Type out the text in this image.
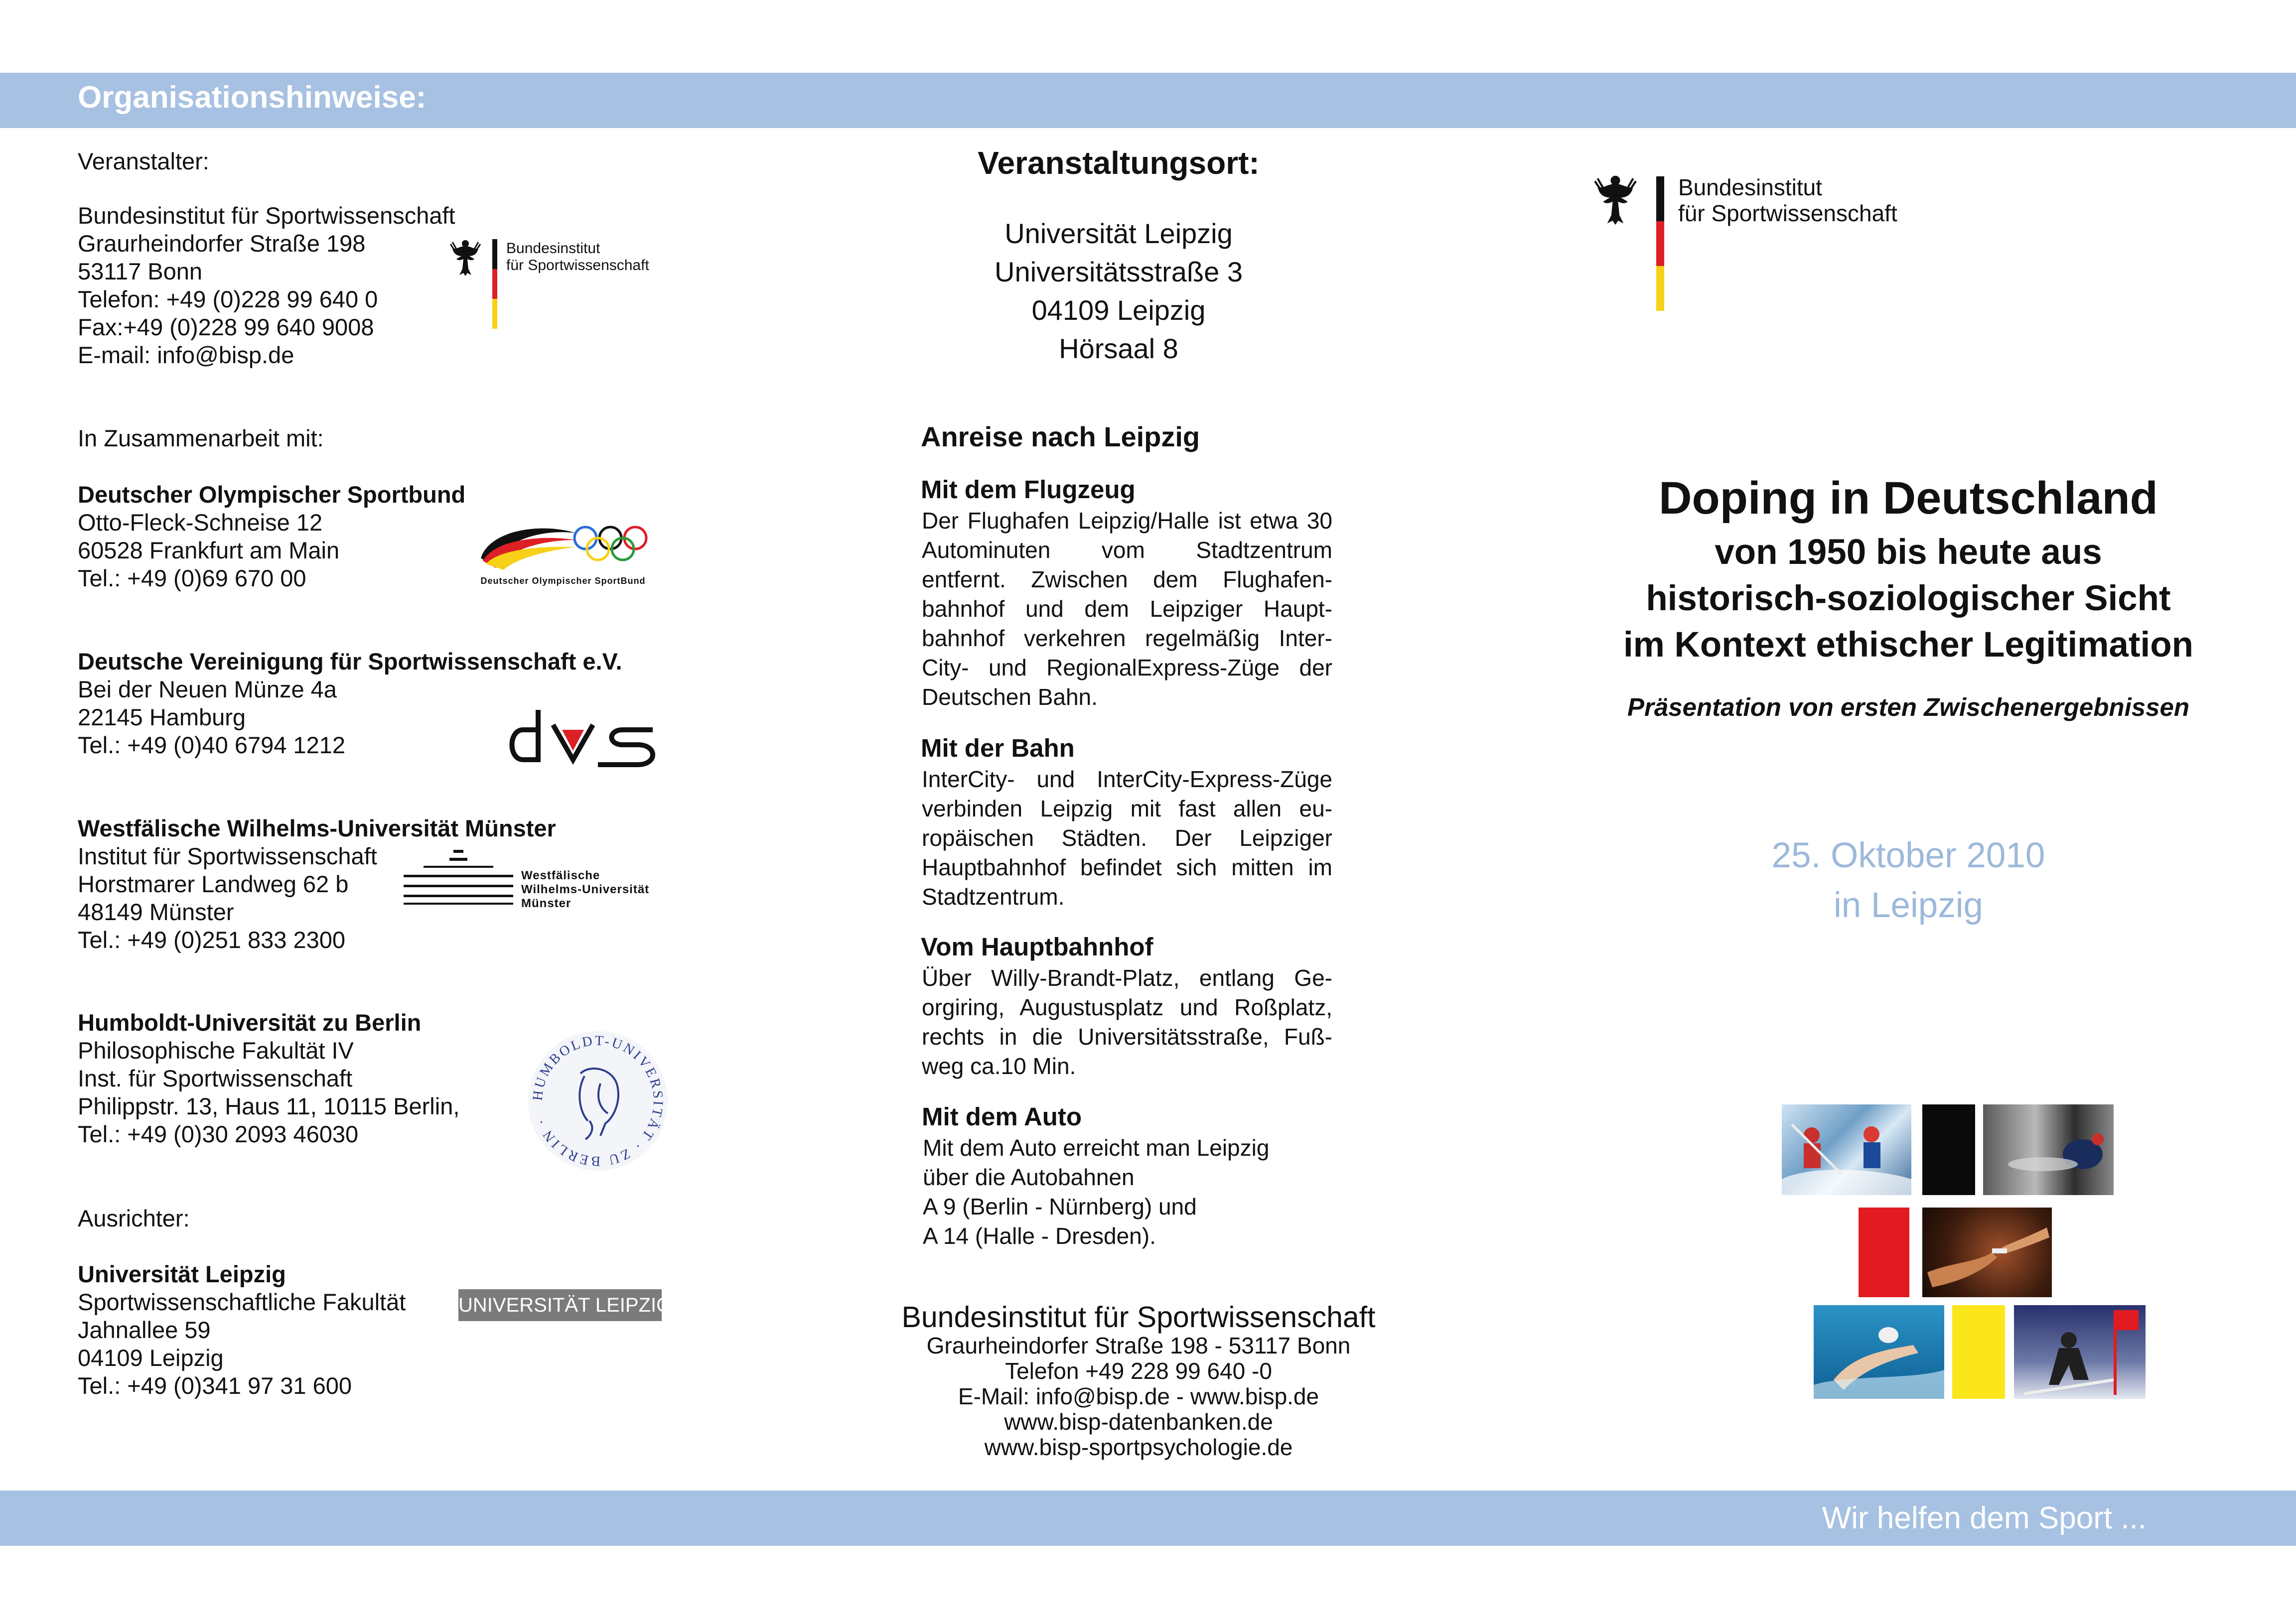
Organisationshinweise:
Veranstalter:
Bundesinstitut für Sportwissenschaft
Graurheindorfer Straße 198
53117 Bonn
Telefon: +49 (0)228 99 640 0
Fax:+49 (0)228 99 640 9008
E-mail: info@bisp.de
Bundesinstitut
für Sportwissenschaft
In Zusammenarbeit mit:
Deutscher Olympischer Sportbund
Otto-Fleck-Schneise 12
60528 Frankfurt am Main
Tel.: +49 (0)69 670 00	Deutscher Olympischer SportBund
Deutsche Vereinigung für Sportwissenschaft e.V.
Bei der Neuen Münze 4a
22145 Hamburg
Tel.: +49 (0)40 6794 1212
Westfälische Wilhelms-Universität Münster
Institut für Sportwissenschaft
Horstmarer Landweg 62 b
48149 Münster
Tel.: +49 (0)251 833 2300
Westfälische
Wilhelms-Universität
Münster
Humboldt-Universität zu Berlin
Philosophische Fakultät IV
Inst. für Sportwissenschaft
Philippstr. 13, Haus 11, 10115 Berlin,
Tel.: +49 (0)30 2093 46030
HUMBOLDT-UNIVERSITÄT · ZU BERLIN ·
Ausrichter:
Universität Leipzig
Sportwissenschaftliche Fakultät
Jahnallee 59
04109 Leipzig
Tel.: +49 (0)341 97 31 600
UNIVERSITÄT LEIPZIG
Veranstaltungsort:
Universität Leipzig
Universitätsstraße 3
04109 Leipzig
Hörsaal 8
Anreise nach Leipzig
Mit dem Flugzeug
Der Flughafen Leipzig/Halle ist etwa 30 Autominuten vom Stadtzentrum entfernt. Zwischen dem Flughafen-bahnhof und dem Leipziger Haupt-bahnhof verkehren regelmäßig Inter-City- und RegionalExpress-Züge der Deutschen Bahn.
Mit der Bahn
InterCity- und InterCity-Express-Züge verbinden Leipzig mit fast allen eu-ropäischen Städten. Der Leipziger Hauptbahnhof befindet sich mitten im Stadtzentrum.
Vom Hauptbahnhof
Über Willy-Brandt-Platz, entlang Ge-orgiring, Augustusplatz und Roßplatz, rechts in die Universitätsstraße, Fuß-weg ca.10 Min.
Mit dem Auto
Mit dem Auto erreicht man Leipzig
über die Autobahnen
A 9 (Berlin - Nürnberg) und
A 14 (Halle - Dresden).
Bundesinstitut für Sportwissenschaft
Graurheindorfer Straße 198 - 53117 Bonn
Telefon +49 228 99 640 -0
E-Mail: info@bisp.de - www.bisp.de
www.bisp-datenbanken.de
www.bisp-sportpsychologie.de
Bundesinstitut
für Sportwissenschaft
Doping in Deutschland
von 1950 bis heute aus
historisch-soziologischer Sicht
im Kontext ethischer Legitimation
Präsentation von ersten Zwischenergebnissen
25. Oktober 2010
in Leipzig
Wir helfen dem Sport ...
